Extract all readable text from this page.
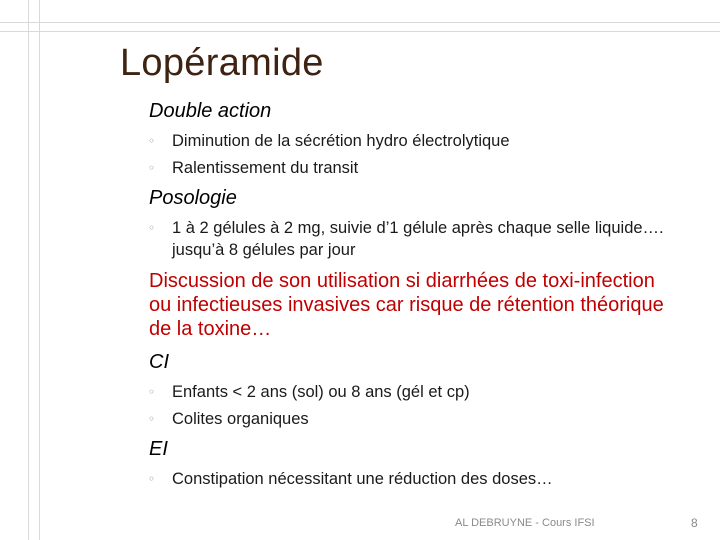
Lopéramide
Double action
◦ Diminution de la sécrétion hydro électrolytique
◦ Ralentissement du transit
Posologie
◦ 1 à 2 gélules à 2 mg, suivie d’1 gélule après chaque selle liquide…. jusqu’à 8 gélules par jour
Discussion de son utilisation si diarrhées de toxi-infection ou infectieuses invasives car risque de rétention théorique de la toxine…
CI
◦ Enfants < 2 ans (sol) ou 8 ans (gél et cp)
◦ Colites organiques
EI
◦ Constipation nécessitant une réduction des doses…
AL DEBRUYNE - Cours IFSI	8
